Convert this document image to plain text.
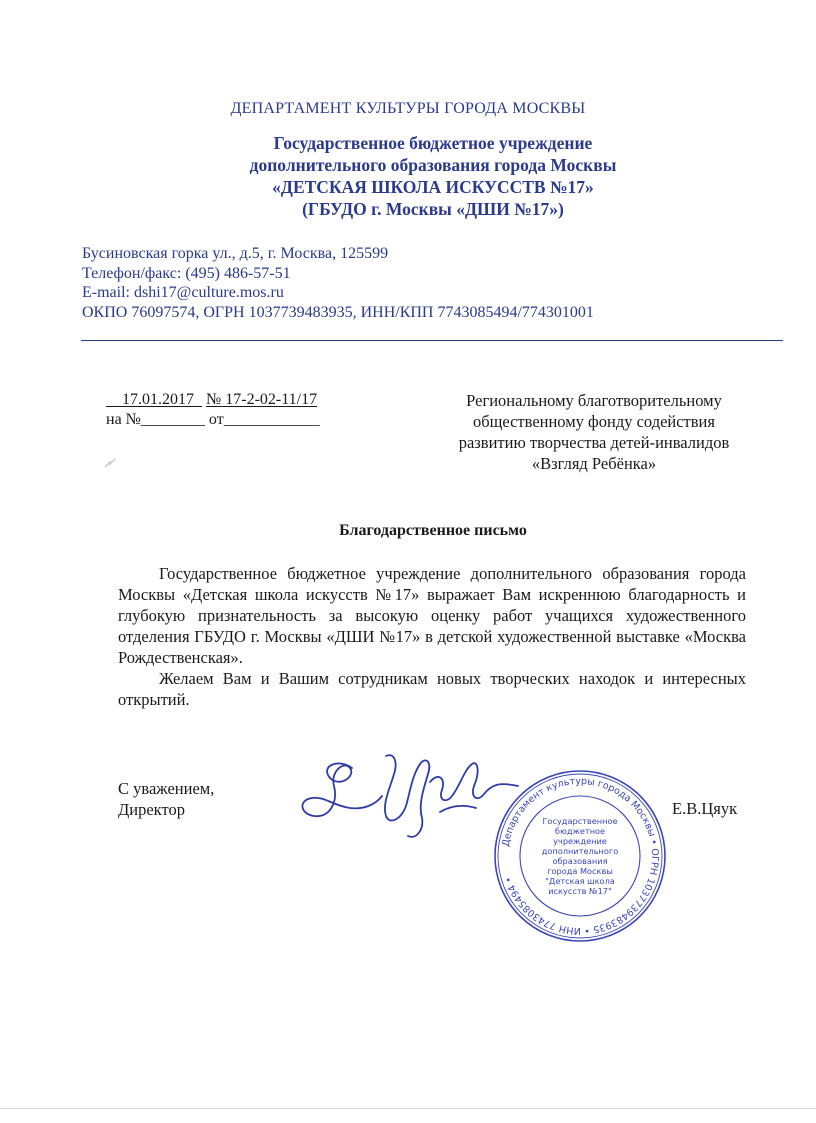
ДЕПАРТАМЕНТ КУЛЬТУРЫ ГОРОДА МОСКВЫ
Государственное бюджетное учреждение
дополнительного образования города Москвы
«ДЕТСКАЯ ШКОЛА ИСКУССТВ №17»
(ГБУДО г. Москвы «ДШИ №17»)
Бусиновская горка ул., д.5, г. Москва, 125599
Телефон/факс: (495) 486-57-51
E-mail: dshi17@culture.mos.ru
ОКПО 76097574, ОГРН 1037739483935, ИНН/КПП 7743085494/774301001
17.01.2017 № 17-2-02-11/17
на №________ от____________
Региональному благотворительному
общественному фонду содействия
развитию творчества детей-инвалидов
«Взгляд Ребёнка»
Благодарственное письмо

Государственное бюджетное учреждение дополнительного образования города Москвы «Детская школа искусств №17» выражает Вам искреннюю благодарность и глубокую признательность за высокую оценку работ учащихся художественного отделения ГБУДО г. Москвы «ДШИ №17» в детской художественной выставке «Москва Рождественская».

Желаем Вам и Вашим сотрудникам новых творческих находок и интересных открытий.

С уважением,
Директор
Департамент культуры города Москвы • ОГРН 1037739483935 • ИНН 7743085494 •
Государственное
бюджетное
учреждение
дополнительного
образования
города Москвы
"Детская школа
искусств №17"
Е.В.Цяук
